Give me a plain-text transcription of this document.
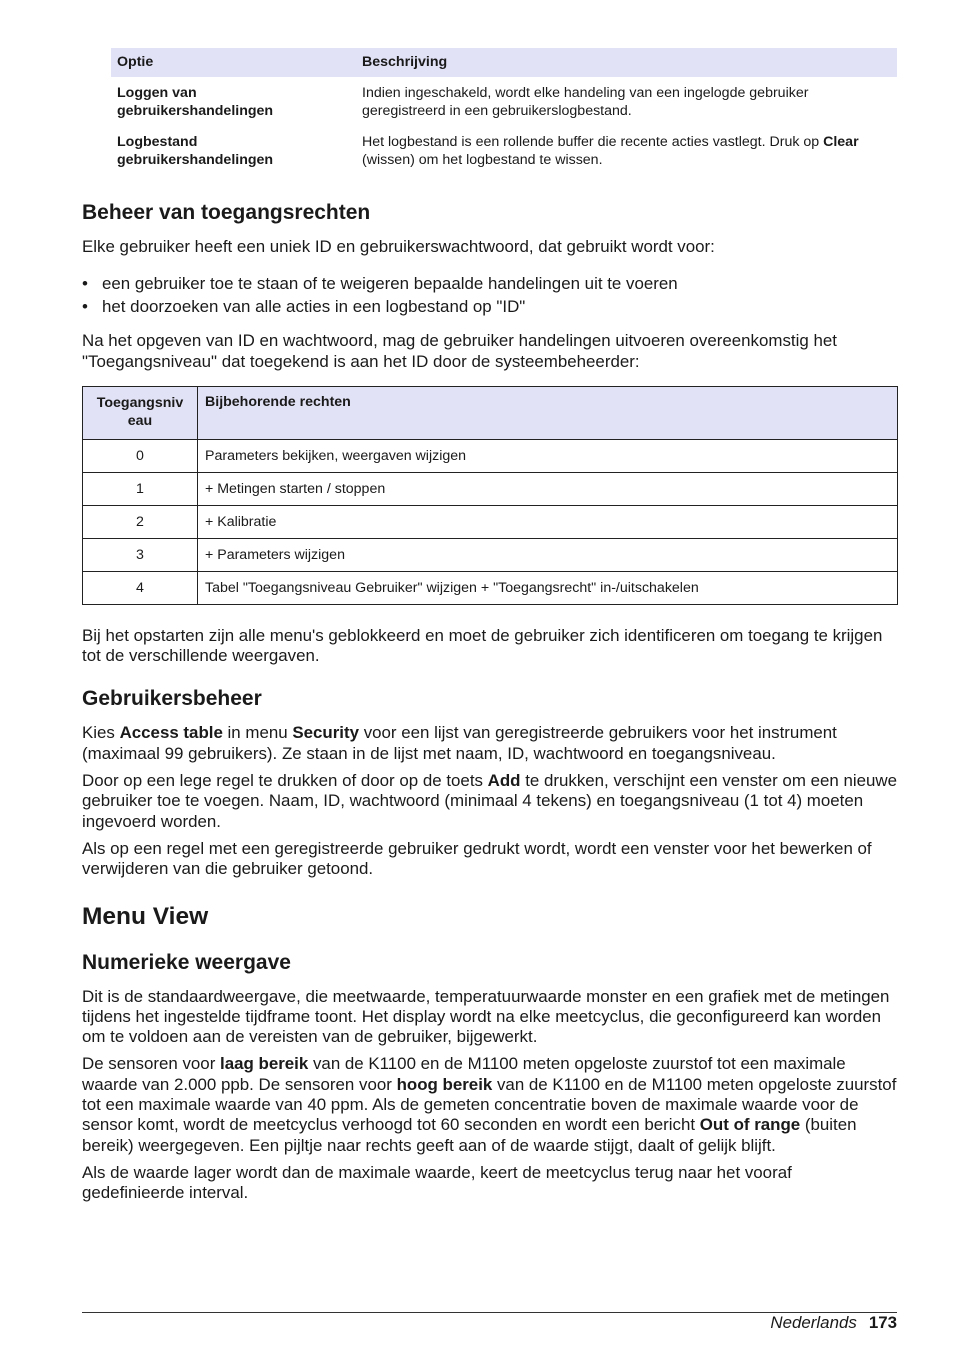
Optie	Beschrijving
Loggen van gebruikershandelingen	Indien ingeschakeld, wordt elke handeling van een ingelogde gebruiker geregistreerd in een gebruikerslogbestand.
Logbestand gebruikershandelingen	Het logbestand is een rollende buffer die recente acties vastlegt. Druk op Clear (wissen) om het logbestand te wissen.
Beheer van toegangsrechten

Elke gebruiker heeft een uniek ID en gebruikerswachtwoord, dat gebruikt wordt voor:

• een gebruiker toe te staan of te weigeren bepaalde handelingen uit te voeren
• het doorzoeken van alle acties in een logbestand op "ID"

Na het opgeven van ID en wachtwoord, mag de gebruiker handelingen uitvoeren overeenkomstig het "Toegangsniveau" dat toegekend is aan het ID door de systeembeheerder:

Toegangsniv
eau	Bijbehorende rechten
0	Parameters bekijken, weergaven wijzigen
1	+ Metingen starten / stoppen
2	+ Kalibratie
3	+ Parameters wijzigen
4	Tabel "Toegangsniveau Gebruiker" wijzigen + "Toegangsrecht" in-/uitschakelen

Bij het opstarten zijn alle menu's geblokkeerd en moet de gebruiker zich identificeren om toegang te krijgen tot de verschillende weergaven.

Gebruikersbeheer

Kies Access table in menu Security voor een lijst van geregistreerde gebruikers voor het instrument (maximaal 99 gebruikers). Ze staan in de lijst met naam, ID, wachtwoord en toegangsniveau.

Door op een lege regel te drukken of door op de toets Add te drukken, verschijnt een venster om een nieuwe gebruiker toe te voegen. Naam, ID, wachtwoord (minimaal 4 tekens) en toegangsniveau (1 tot 4) moeten ingevoerd worden.

Als op een regel met een geregistreerde gebruiker gedrukt wordt, wordt een venster voor het bewerken of verwijderen van die gebruiker getoond.

Menu View
Numerieke weergave

Dit is de standaardweergave, die meetwaarde, temperatuurwaarde monster en een grafiek met de metingen tijdens het ingestelde tijdframe toont. Het display wordt na elke meetcyclus, die geconfigureerd kan worden om te voldoen aan de vereisten van de gebruiker, bijgewerkt.

De sensoren voor laag bereik van de K1100 en de M1100 meten opgeloste zuurstof tot een maximale waarde van 2.000 ppb. De sensoren voor hoog bereik van de K1100 en de M1100 meten opgeloste zuurstof tot een maximale waarde van 40 ppm. Als de gemeten concentratie boven de maximale waarde voor de sensor komt, wordt de meetcyclus verhoogd tot 60 seconden en wordt een bericht Out of range (buiten bereik) weergegeven. Een pijltje naar rechts geeft aan of de waarde stijgt, daalt of gelijk blijft.

Als de waarde lager wordt dan de maximale waarde, keert de meetcyclus terug naar het vooraf gedefinieerde interval.

Nederlands 173
